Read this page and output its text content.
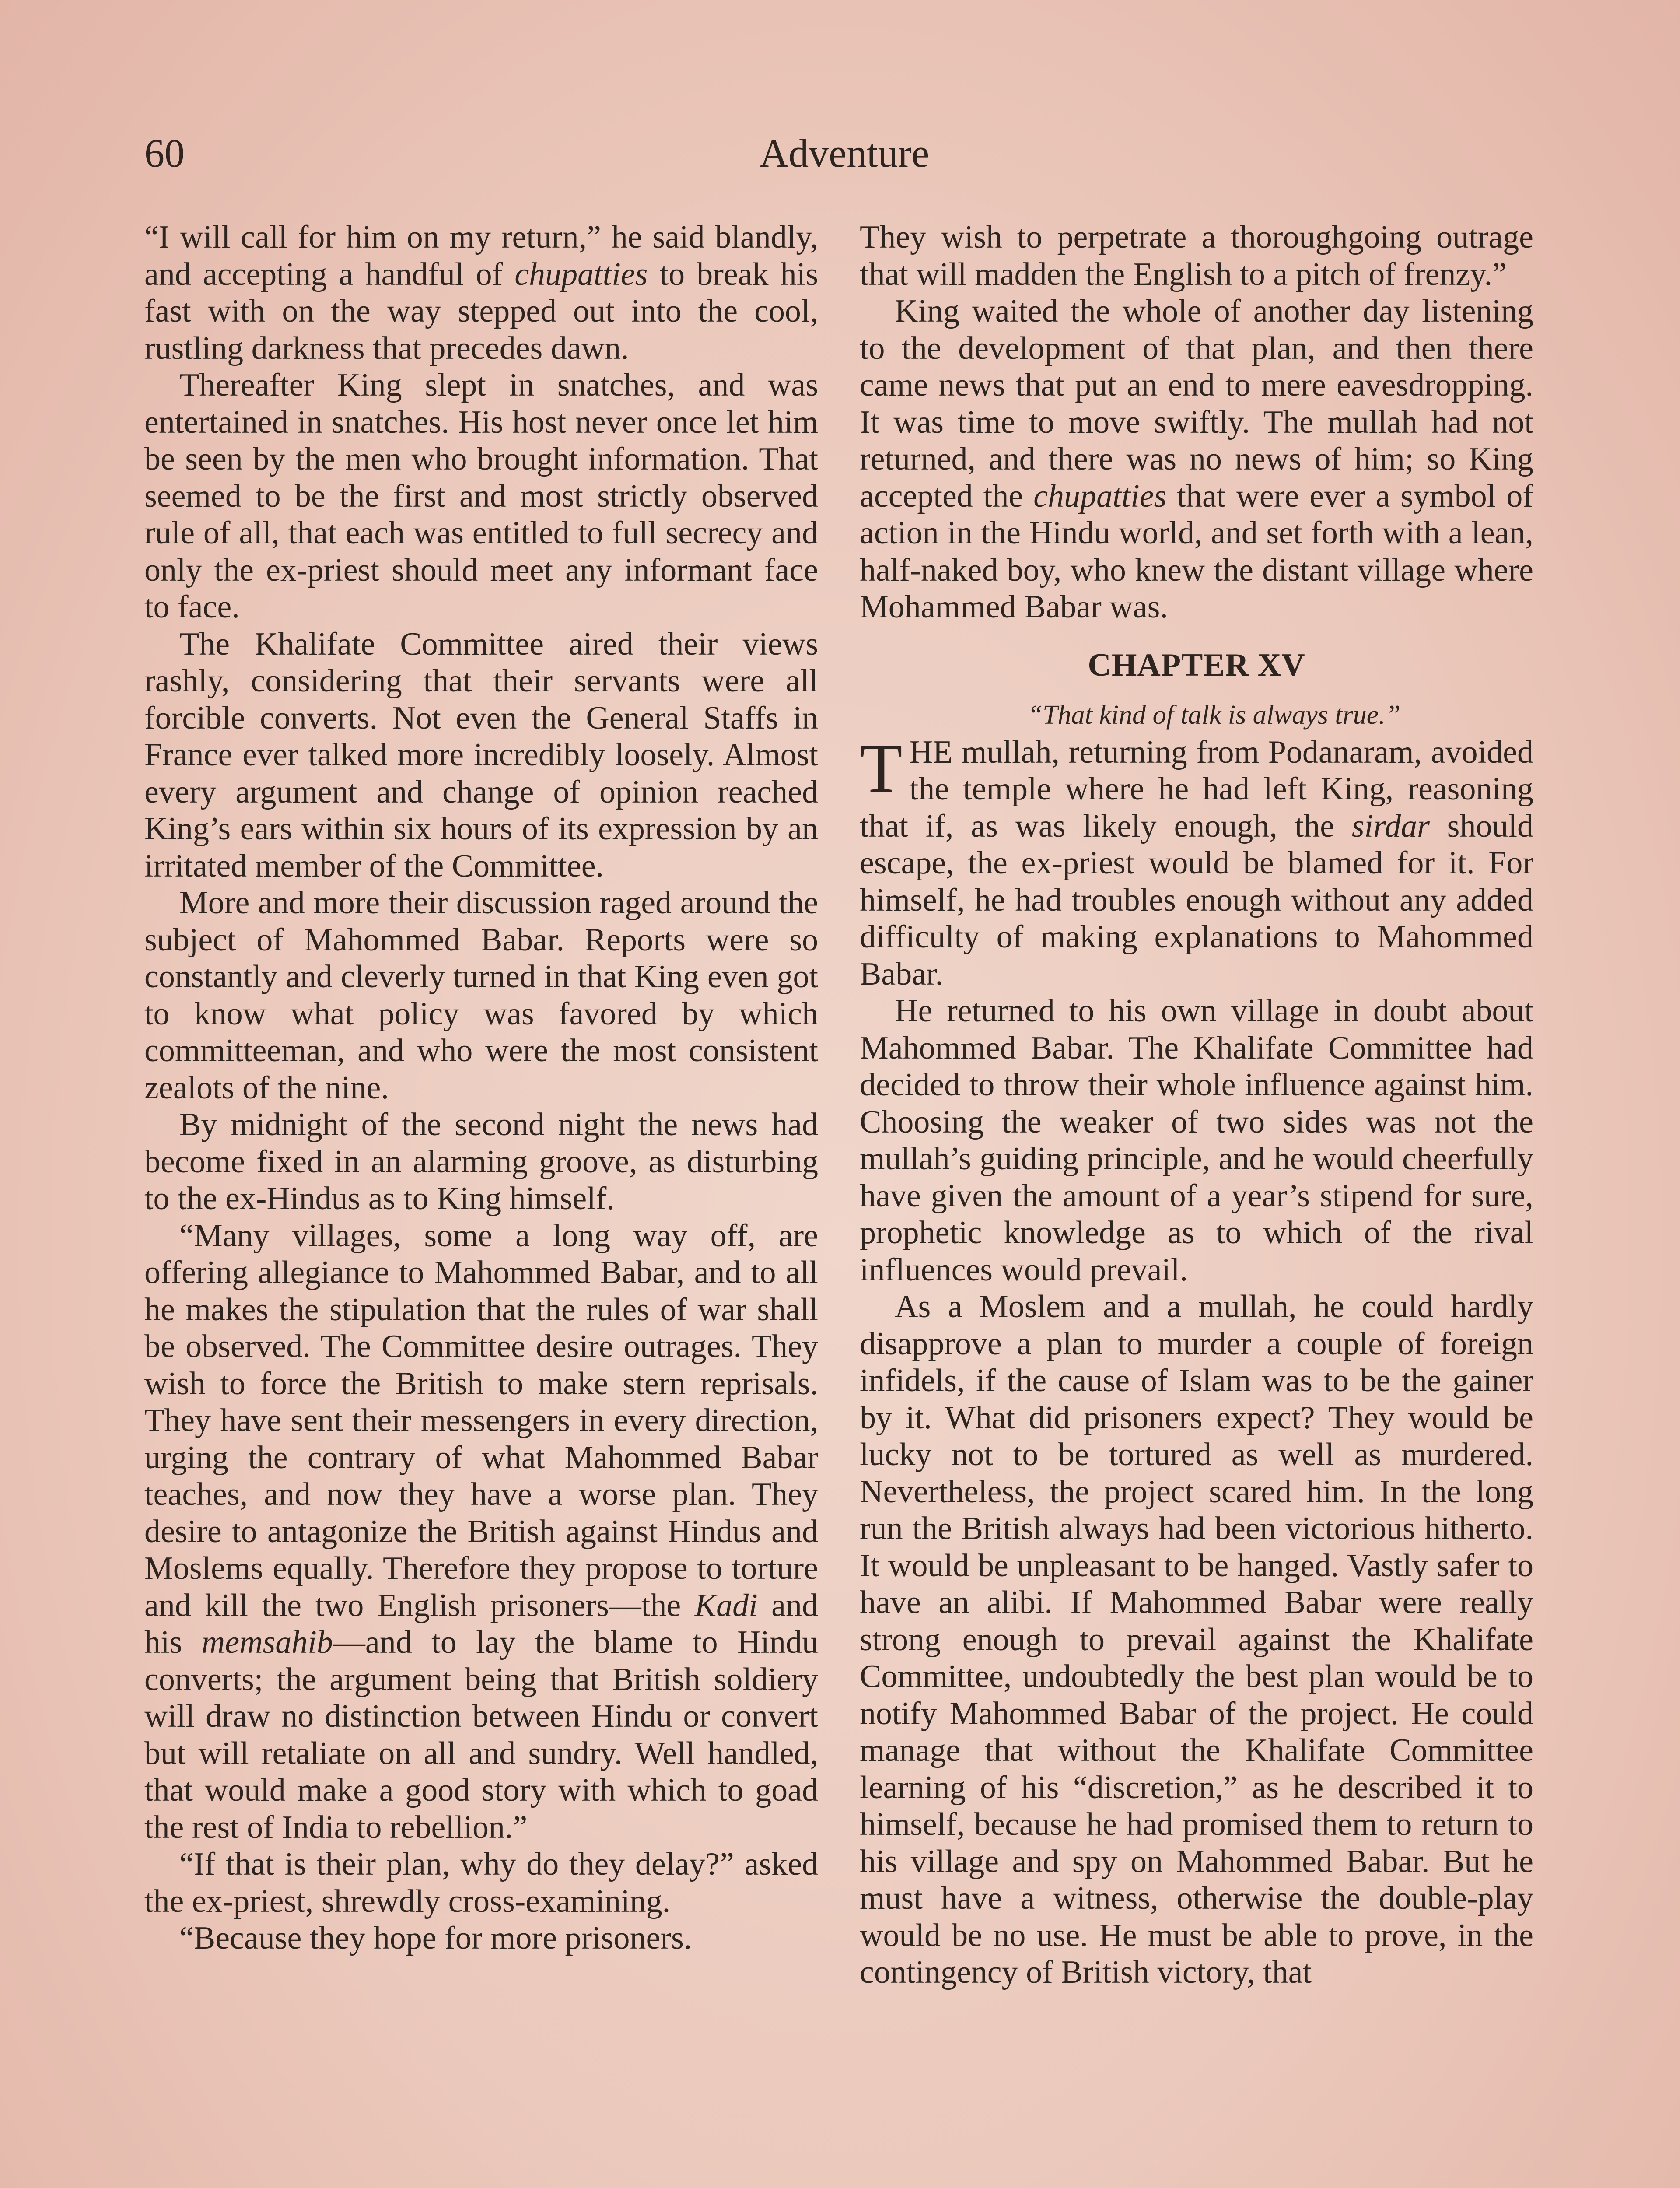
60	Adventure

“I will call for him on my return,” he said blandly, and accepting a handful of chupatties to break his fast with on the way stepped out into the cool, rustling darkness that precedes dawn.

Thereafter King slept in snatches, and was entertained in snatches. His host never once let him be seen by the men who brought information. That seemed to be the first and most strictly observed rule of all, that each was entitled to full secrecy and only the ex-priest should meet any informant face to face.

The Khalifate Committee aired their views rashly, considering that their servants were all forcible converts. Not even the General Staffs in France ever talked more incredibly loosely. Almost every argument and change of opinion reached King’s ears within six hours of its expression by an irritated member of the Committee.

More and more their discussion raged around the subject of Mahommed Babar. Reports were so constantly and cleverly turned in that King even got to know what policy was favored by which committeeman, and who were the most consistent zealots of the nine.

By midnight of the second night the news had become fixed in an alarming groove, as disturbing to the ex-Hindus as to King himself.

“Many villages, some a long way off, are offering allegiance to Mahommed Babar, and to all he makes the stipulation that the rules of war shall be observed. The Committee desire outrages. They wish to force the British to make stern reprisals. They have sent their messengers in every direction, urging the contrary of what Mahommed Babar teaches, and now they have a worse plan. They desire to antagonize the British against Hindus and Moslems equally. Therefore they propose to torture and kill the two English prisoners—the Kadi and his memsahib—and to lay the blame to Hindu converts; the argument being that British soldiery will draw no distinction between Hindu or convert but will retaliate on all and sundry. Well handled, that would make a good story with which to goad the rest of India to rebellion.”

“If that is their plan, why do they delay?” asked the ex-priest, shrewdly cross-examining.

“Because they hope for more prisoners.

They wish to perpetrate a thoroughgoing outrage that will madden the English to a pitch of frenzy.”

King waited the whole of another day listening to the development of that plan, and then there came news that put an end to mere eavesdropping. It was time to move swiftly. The mullah had not returned, and there was no news of him; so King accepted the chupatties that were ever a symbol of action in the Hindu world, and set forth with a lean, half-naked boy, who knew the distant village where Mohammed Babar was.

CHAPTER XV

“That kind of talk is always true.”

THE mullah, returning from Podanaram, avoided the temple where he had left King, reasoning that if, as was likely enough, the sirdar should escape, the ex-priest would be blamed for it. For himself, he had troubles enough without any added difficulty of making explanations to Mahommed Babar.

He returned to his own village in doubt about Mahommed Babar. The Khalifate Committee had decided to throw their whole influence against him. Choosing the weaker of two sides was not the mullah’s guiding principle, and he would cheerfully have given the amount of a year’s stipend for sure, prophetic knowledge as to which of the rival influences would prevail.

As a Moslem and a mullah, he could hardly disapprove a plan to murder a couple of foreign infidels, if the cause of Islam was to be the gainer by it. What did prisoners expect? They would be lucky not to be tortured as well as murdered. Nevertheless, the project scared him. In the long run the British always had been victorious hitherto. It would be unpleasant to be hanged. Vastly safer to have an alibi. If Mahommed Babar were really strong enough to prevail against the Khalifate Committee, undoubtedly the best plan would be to notify Mahommed Babar of the project. He could manage that without the Khalifate Committee learning of his “discretion,” as he described it to himself, because he had promised them to return to his village and spy on Mahommed Babar. But he must have a witness, otherwise the double-play would be no use. He must be able to prove, in the contingency of British victory, that
